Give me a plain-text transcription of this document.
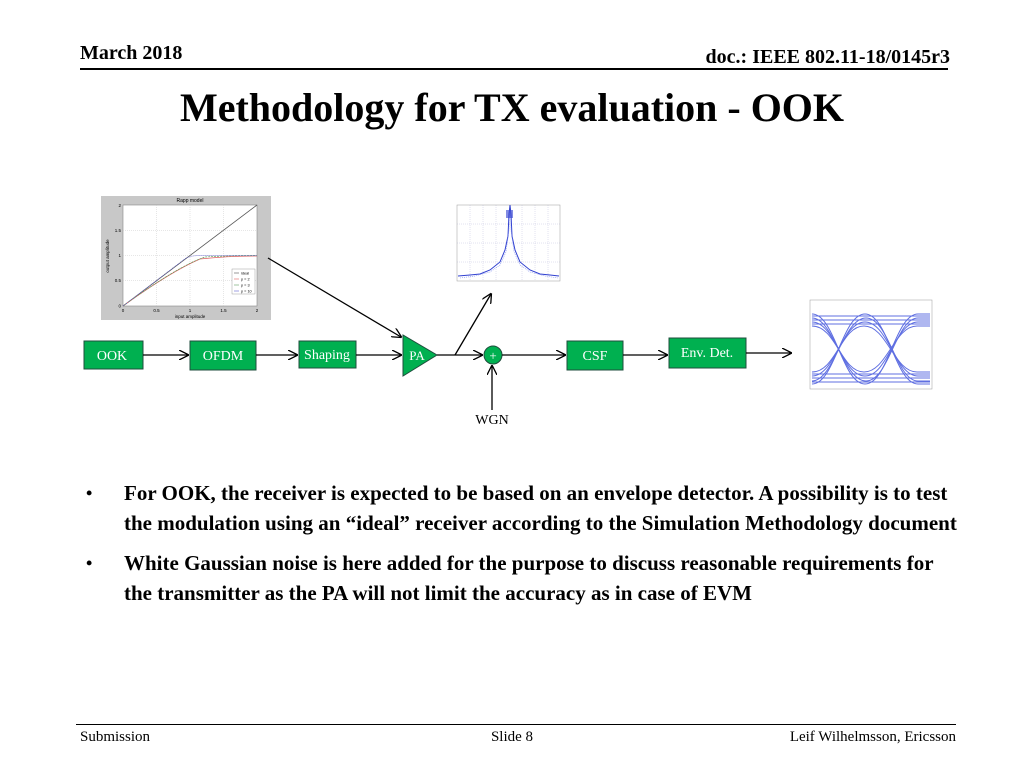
March 2018	doc.: IEEE 802.11-18/0145r3
Methodology for TX evaluation - OOK
Rapp model
input amplitude
output amplitude
0	0.5	1	1.5	2
0
0.5
1
1.5
2
ideal
p = 2
p = 3
p = 10
OOK	OFDM	Shaping	PA	+	CSF	Env. Det.
WGN
•	For OOK, the receiver is expected to be based on an envelope detector. A possibility is to test the modulation using an “ideal” receiver according to the Simulation Methodology document
•	White Gaussian noise is here added for the purpose to discuss reasonable requirements for the transmitter as the PA will not limit the accuracy as in case of EVM
Submission	Slide 8	Leif Wilhelmsson, Ericsson
